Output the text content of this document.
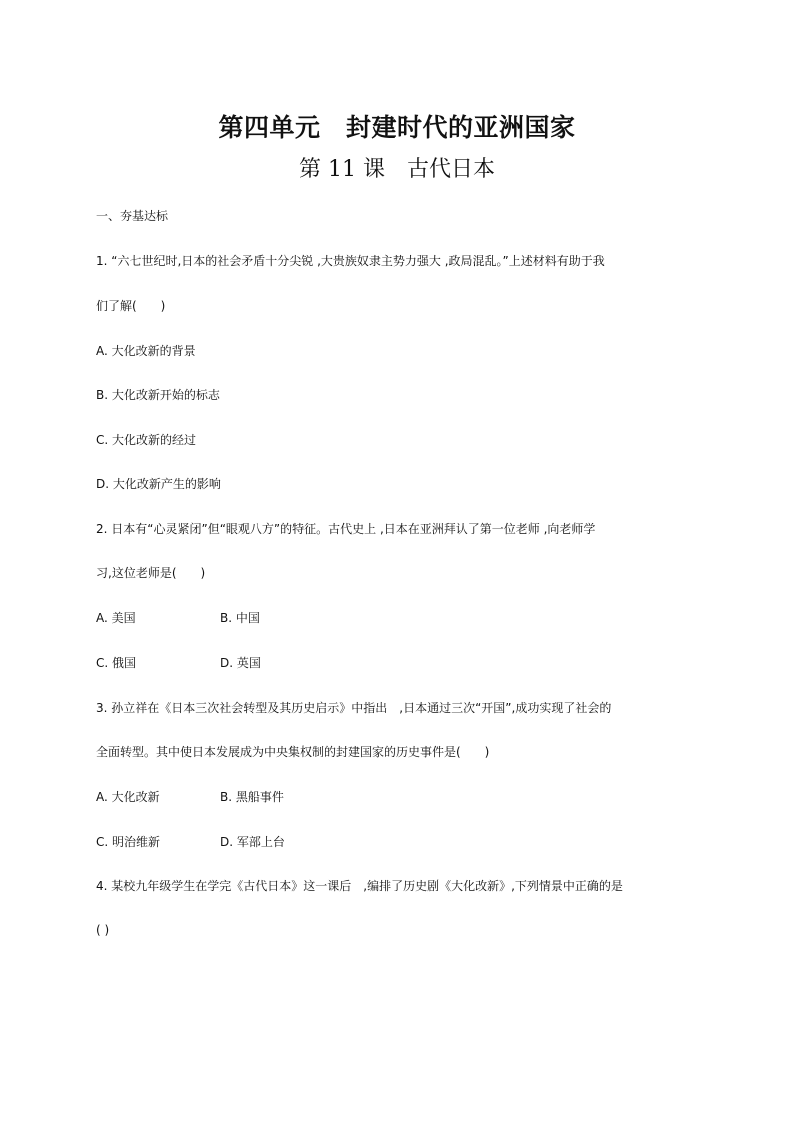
第四单元　封建时代的亚洲国家
第 11 课　古代日本
一、夯基达标
1. “六七世纪时,日本的社会矛盾十分尖锐 ,大贵族奴隶主势力强大 ,政局混乱。”上述材料有助于我
们了解(　　)
A. 大化改新的背景
B. 大化改新开始的标志
C. 大化改新的经过
D. 大化改新产生的影响
2. 日本有“心灵紧闭”但“眼观八方”的特征。古代史上 ,日本在亚洲拜认了第一位老师 ,向老师学
习,这位老师是(　　)
A. 美国	B. 中国
C. 俄国	D. 英国
3. 孙立祥在《日本三次社会转型及其历史启示》中指出　,日本通过三次“开国”,成功实现了社会的
全面转型。其中使日本发展成为中央集权制的封建国家的历史事件是(　　)
A. 大化改新	B. 黑船事件
C. 明治维新	D. 军部上台
4. 某校九年级学生在学完《古代日本》这一课后　,编排了历史剧《大化改新》,下列情景中正确的是
( )
